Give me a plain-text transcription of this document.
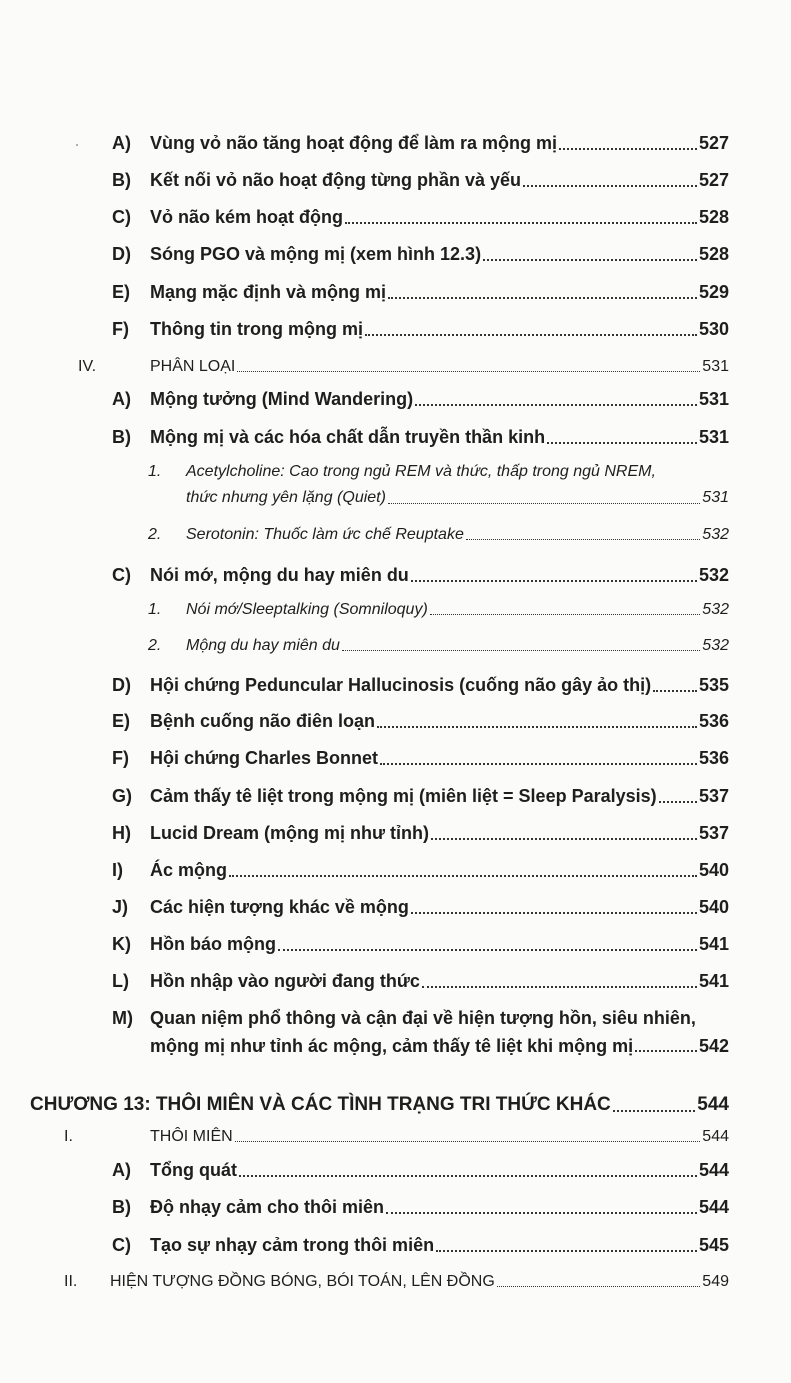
A)	Vùng vỏ não tăng hoạt động để làm ra mộng mị	527
B)	Kết nối vỏ não hoạt động từng phần và yếu	527
C)	Vỏ não kém hoạt động	528
D)	Sóng PGO và mộng mị (xem hình 12.3)	528
E)	Mạng mặc định và mộng mị	529
F)	Thông tin trong mộng mị	530
IV.	PHÂN LOẠI	531
A)	Mộng tưởng (Mind Wandering)	531
B)	Mộng mị và các hóa chất dẫn truyền thần kinh	531
1.	Acetylcholine: Cao trong ngủ REM và thức, thấp trong ngủ NREM,
thức nhưng yên lặng (Quiet)	531
2.	Serotonin: Thuốc làm ức chế Reuptake	532
C)	Nói mớ, mộng du hay miên du	532
1.	Nói mớ/Sleeptalking (Somniloquy)	532
2.	Mộng du hay miên du	532
D)	Hội chứng Peduncular Hallucinosis (cuống não gây ảo thị)	535
E)	Bệnh cuống não điên loạn	536
F)	Hội chứng Charles Bonnet	536
G)	Cảm thấy tê liệt trong mộng mị (miên liệt = Sleep Paralysis) 537
H)	Lucid Dream (mộng mị như tỉnh)	537
I)	Ác mộng	540
J)	Các hiện tượng khác về mộng	540
K)	Hồn báo mộng	541
L)	Hồn nhập vào người đang thức	541
M) Quan niệm phổ thông và cận đại về hiện tượng hồn, siêu nhiên,
mộng mị như tỉnh ác mộng, cảm thấy tê liệt khi mộng mị	542
CHƯƠNG 13: THÔI MIÊN VÀ CÁC TÌNH TRẠNG TRI THỨC KHÁC	544
I.	THÔI MIÊN	544
A)	Tổng quát	544
B)	Độ nhạy cảm cho thôi miên	544
C)	Tạo sự nhạy cảm trong thôi miên	545
II.	HIỆN TƯỢNG ĐỒNG BÓNG, BÓI TOÁN, LÊN ĐỒNG	549
